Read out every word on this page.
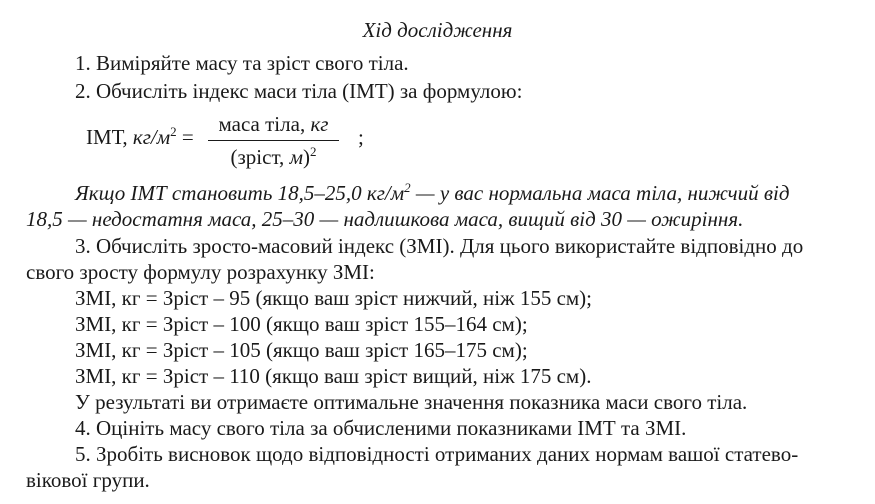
Хід дослідження
1. Виміряйте масу та зріст свого тіла.
2. Обчисліть індекс маси тіла (ІМТ) за формулою:
ІМТ, $кг/м^2$ =
маса тіла, кг
(зріст, м)$^2$
;
Якщо ІМТ становить 18,5–25,0 $кг/м^2$ — у вас нормальна маса тіла, нижчий від
18,5 — недостатня маса, 25–30 — надлишкова маса, вищий від 30 — ожиріння.
3. Обчисліть зросто-масовий індекс (ЗМІ). Для цього використайте відповідно до
свого зросту формулу розрахунку ЗМІ:
ЗМІ, кг = Зріст – 95 (якщо ваш зріст нижчий, ніж 155 см);
ЗМІ, кг = Зріст – 100 (якщо ваш зріст 155–164 см);
ЗМІ, кг = Зріст – 105 (якщо ваш зріст 165–175 см);
ЗМІ, кг = Зріст – 110 (якщо ваш зріст вищий, ніж 175 см).
У результаті ви отримаєте оптимальне значення показника маси свого тіла.
4. Оцініть масу свого тіла за обчисленими показниками ІМТ та ЗМІ.
5. Зробіть висновок щодо відповідності отриманих даних нормам вашої статево-
вікової групи.
